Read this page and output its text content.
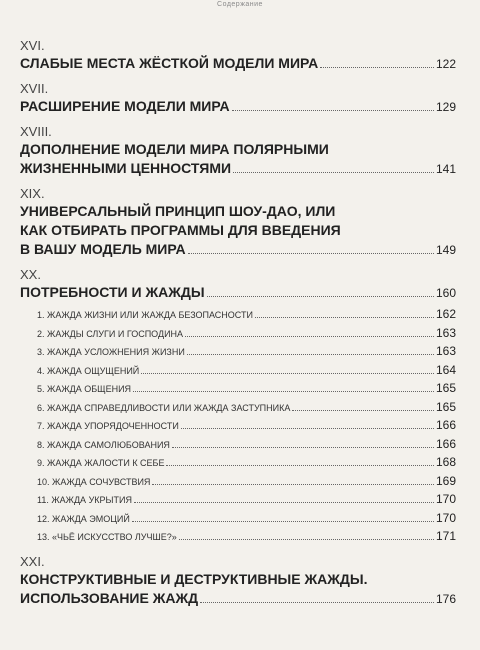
Содержание
XVI.
СЛАБЫЕ МЕСТА ЖЁСТКОЙ МОДЕЛИ МИРА	122
XVII.
РАСШИРЕНИЕ МОДЕЛИ МИРА	129
XVIII.
ДОПОЛНЕНИЕ МОДЕЛИ МИРА ПОЛЯРНЫМИ
ЖИЗНЕННЫМИ ЦЕННОСТЯМИ	141
XIX.
УНИВЕРСАЛЬНЫЙ ПРИНЦИП ШОУ-ДАО, ИЛИ
КАК ОТБИРАТЬ ПРОГРАММЫ ДЛЯ ВВЕДЕНИЯ
В ВАШУ МОДЕЛЬ МИРА	149
XX.
ПОТРЕБНОСТИ И ЖАЖДЫ	160
1. ЖАЖДА ЖИЗНИ ИЛИ ЖАЖДА БЕЗОПАСНОСТИ	162
2. ЖАЖДЫ СЛУГИ И ГОСПОДИНА	163
3. ЖАЖДА УСЛОЖНЕНИЯ ЖИЗНИ	163
4. ЖАЖДА ОЩУЩЕНИЙ	164
5. ЖАЖДА ОБЩЕНИЯ	165
6. ЖАЖДА СПРАВЕДЛИВОСТИ ИЛИ ЖАЖДА ЗАСТУПНИКА	165
7. ЖАЖДА УПОРЯДОЧЕННОСТИ	166
8. ЖАЖДА САМОЛЮБОВАНИЯ	166
9. ЖАЖДА ЖАЛОСТИ К СЕБЕ	168
10. ЖАЖДА СОЧУВСТВИЯ	169
11. ЖАЖДА УКРЫТИЯ	170
12. ЖАЖДА ЭМОЦИЙ	170
13. «ЧЬЁ ИСКУССТВО ЛУЧШЕ?»	171
XXI.
КОНСТРУКТИВНЫЕ И ДЕСТРУКТИВНЫЕ ЖАЖДЫ.
ИСПОЛЬЗОВАНИЕ ЖАЖД	176
